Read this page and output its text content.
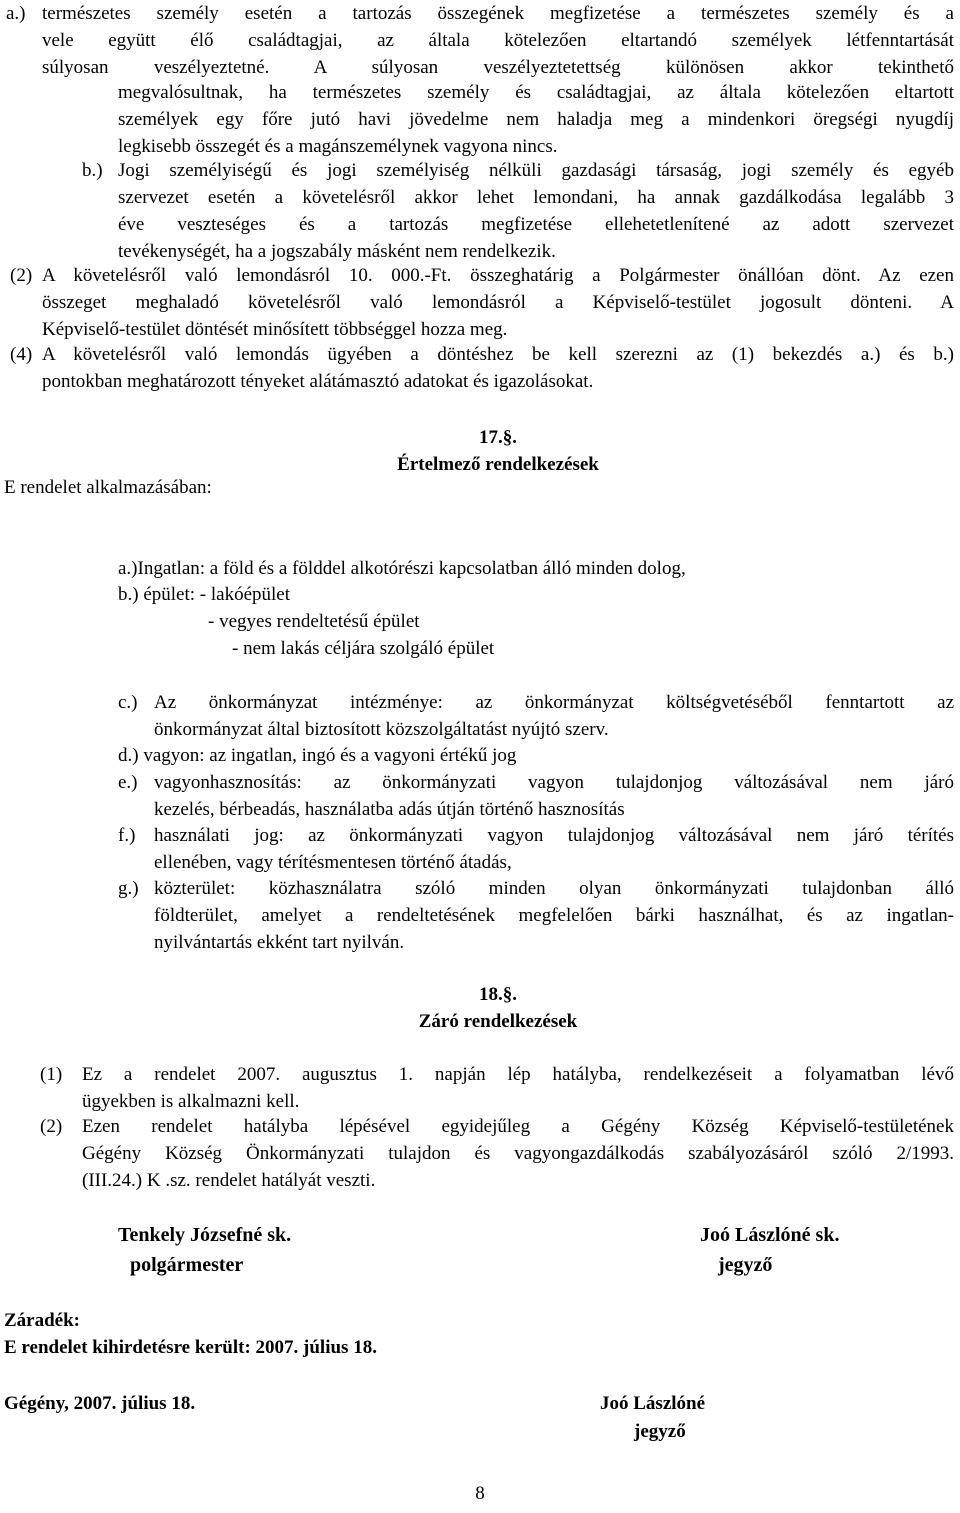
a.) természetes személy esetén a tartozás összegének megfizetése a természetes személy és a
vele együtt élő családtagjai, az általa kötelezően eltartandó személyek létfenntartását
súlyosan veszélyeztetné. A súlyosan veszélyeztetettség különösen akkor tekinthető
megvalósultnak, ha természetes személy és családtagjai, az általa kötelezően eltartott
személyek egy főre jutó havi jövedelme nem haladja meg a mindenkori öregségi nyugdíj
legkisebb összegét és a magánszemélynek vagyona nincs.
b.) Jogi személyiségű és jogi személyiség nélküli gazdasági társaság, jogi személy és egyéb
szervezet esetén a követelésről akkor lehet lemondani, ha annak gazdálkodása legalább 3
éve veszteséges és a tartozás megfizetése ellehetetlenítené az adott szervezet
tevékenységét, ha a jogszabály másként nem rendelkezik.
(2) A követelésről való lemondásról 10. 000.-Ft. összeghatárig a Polgármester önállóan dönt. Az ezen
összeget meghaladó követelésről való lemondásról a Képviselő-testület jogosult dönteni. A
Képviselő-testület döntését minősített többséggel hozza meg.
(4) A követelésről való lemondás ügyében a döntéshez be kell szerezni az (1) bekezdés a.) és b.)
pontokban meghatározott tényeket alátámasztó adatokat és igazolásokat.
17.§.
Értelmező rendelkezések
E rendelet alkalmazásában:
a.)Ingatlan: a föld és a földdel alkotórészi kapcsolatban álló minden dolog,
b.) épület: - lakóépület
- vegyes rendeltetésű épület
- nem lakás céljára szolgáló épület
c.) Az önkormányzat intézménye: az önkormányzat költségvetéséből fenntartott az
önkormányzat által biztosított közszolgáltatást nyújtó szerv.
d.) vagyon: az ingatlan, ingó és a vagyoni értékű jog
e.) vagyonhasznosítás: az önkormányzati vagyon tulajdonjog változásával nem járó
kezelés, bérbeadás, használatba adás útján történő hasznosítás
f.) használati jog: az önkormányzati vagyon tulajdonjog változásával nem járó térítés
ellenében, vagy térítésmentesen történő átadás,
g.) közterület: közhasználatra szóló minden olyan önkormányzati tulajdonban álló
földterület, amelyet a rendeltetésének megfelelően bárki használhat, és az ingatlan-
nyilvántartás ekként tart nyilván.
18.§.
Záró rendelkezések
(1) Ez a rendelet 2007. augusztus 1. napján lép hatályba, rendelkezéseit a folyamatban lévő
ügyekben is alkalmazni kell.
(2) Ezen rendelet hatályba lépésével egyidejűleg a Gégény Község Képviselő-testületének
Gégény Község Önkormányzati tulajdon és vagyongazdálkodás szabályozásáról szóló 2/1993.
(III.24.) K .sz. rendelet hatályát veszti.
Tenkely Józsefné sk.
polgármester
Joó Lászlóné sk.
jegyző
Záradék:
E rendelet kihirdetésre került: 2007. július 18.
Gégény, 2007. július 18.	Joó Lászlóné
jegyző
8
